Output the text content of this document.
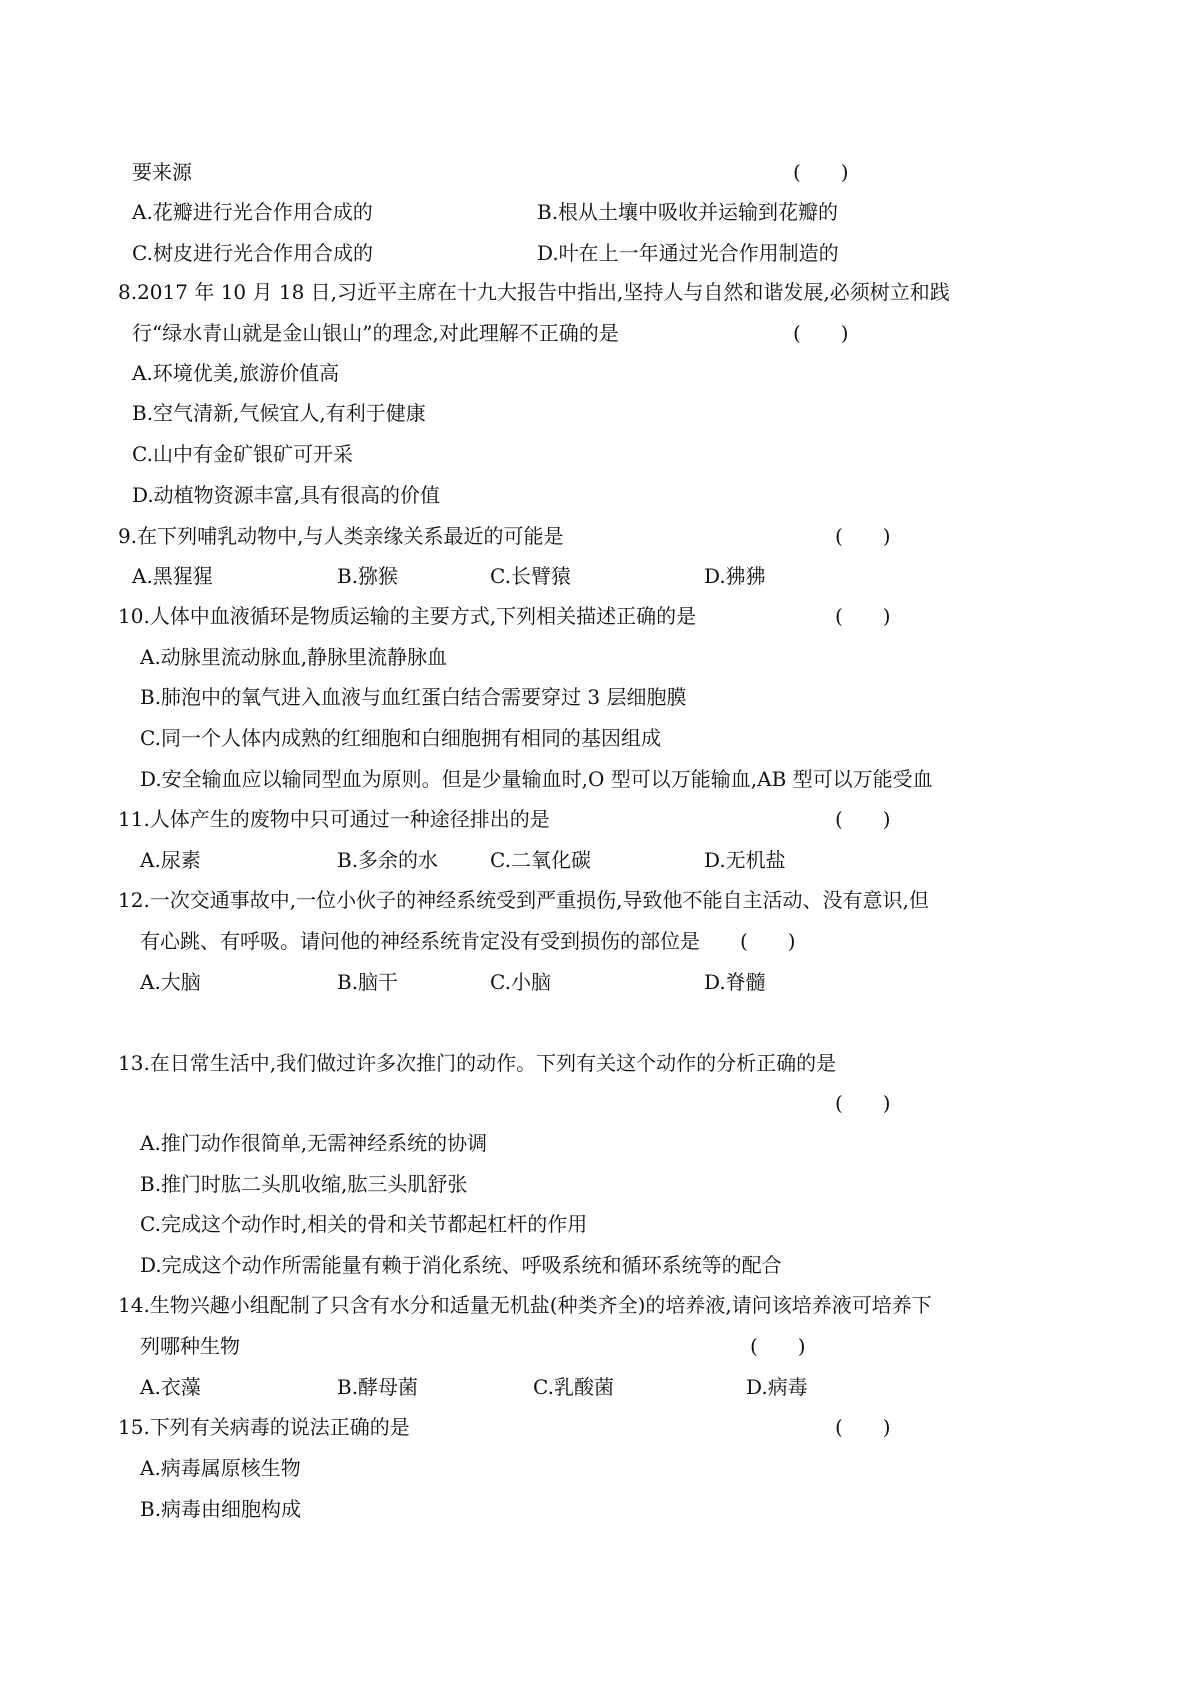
要来源	(　　)
A.花瓣进行光合作用合成的	B.根从土壤中吸收并运输到花瓣的
C.树皮进行光合作用合成的	D.叶在上一年通过光合作用制造的
8.2017 年 10 月 18 日,习近平主席在十九大报告中指出,坚持人与自然和谐发展,必须树立和践
行“绿水青山就是金山银山”的理念,对此理解不正确的是	(　　)
A.环境优美,旅游价值高
B.空气清新,气候宜人,有利于健康
C.山中有金矿银矿可开采
D.动植物资源丰富,具有很高的价值
9.在下列哺乳动物中,与人类亲缘关系最近的可能是	(　　)
A.黑猩猩	B.猕猴	C.长臂猿	D.狒狒
10.人体中血液循环是物质运输的主要方式,下列相关描述正确的是	(　　)
A.动脉里流动脉血,静脉里流静脉血
B.肺泡中的氧气进入血液与血红蛋白结合需要穿过 3 层细胞膜
C.同一个人体内成熟的红细胞和白细胞拥有相同的基因组成
D.安全输血应以输同型血为原则。但是少量输血时,O 型可以万能输血,AB 型可以万能受血
11.人体产生的废物中只可通过一种途径排出的是	(　　)
A.尿素	B.多余的水	C.二氧化碳	D.无机盐
12.一次交通事故中,一位小伙子的神经系统受到严重损伤,导致他不能自主活动、没有意识,但
有心跳、有呼吸。请问他的神经系统肯定没有受到损伤的部位是 (　　)
A.大脑	B.脑干	C.小脑	D.脊髓
13.在日常生活中,我们做过许多次推门的动作。下列有关这个动作的分析正确的是
(　　)
A.推门动作很简单,无需神经系统的协调
B.推门时肱二头肌收缩,肱三头肌舒张
C.完成这个动作时,相关的骨和关节都起杠杆的作用
D.完成这个动作所需能量有赖于消化系统、呼吸系统和循环系统等的配合
14.生物兴趣小组配制了只含有水分和适量无机盐(种类齐全)的培养液,请问该培养液可培养下
列哪种生物	(　　)
A.衣藻	B.酵母菌	C.乳酸菌	D.病毒
15.下列有关病毒的说法正确的是	(　　)
A.病毒属原核生物
B.病毒由细胞构成
